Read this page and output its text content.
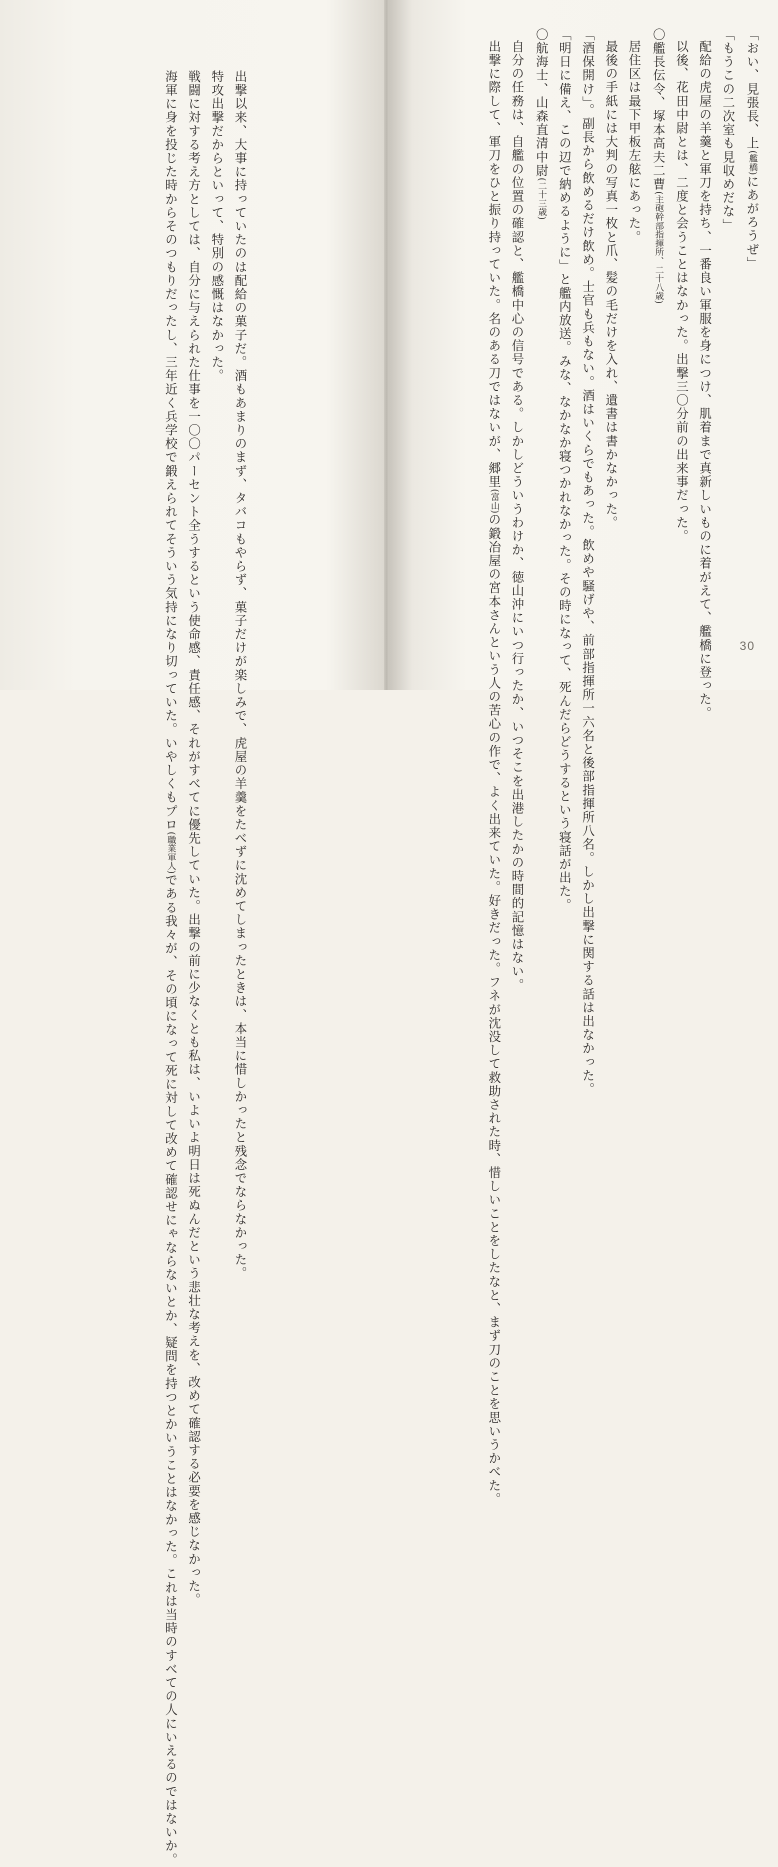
出撃以来、大事に持っていたのは配給の菓子だ。酒もあまりのまず、タバコもやらず、菓子だけが楽しみで、虎屋の羊羹をたべずに沈めてしまったときは、本当に惜しかったと残念でならなかった。

特攻出撃だからといって、特別の感慨はなかった。

戦闘に対する考え方としては、自分に与えられた仕事を一〇〇パーセント全うするという使命感、責任感、それがすべてに優先していた。出撃の前に少なくとも私は、いよいよ明日は死ぬんだという悲壮な考えを、改めて確認する必要を感じなかった。

海軍に身を投じた時からそのつもりだったし、三年近く兵学校で鍛えられてそういう気持になり切っていた。いやしくもプロ(職業軍人)である我々が、その頃になって死に対して改めて確認せにゃならないとか、疑問を持つとかいうことはなかった。これは当時のすべての人にいえるのではないか。

「おい、見張長、上(艦橋)にあがろうぜ」

「もうこの二次室も見収めだな」

配給の虎屋の羊羹と軍刀を持ち、一番良い軍服を身につけ、肌着まで真新しいものに着がえて、艦橋に登った。

以後、花田中尉とは、二度と会うことはなかった。出撃三〇分前の出来事だった。

〇艦長伝令、塚本高夫二曹(主砲幹部指揮所、二十八歳)

居住区は最下甲板左舷にあった。

最後の手紙には大判の写真一枚と爪、髪の毛だけを入れ、遺書は書かなかった。

「酒保開け」。副長から飲めるだけ飲め。士官も兵もない。酒はいくらでもあった。飲めや騒げや、前部指揮所一六名と後部指揮所八名。しかし出撃に関する話は出なかった。

「明日に備え、この辺で納めるように」と艦内放送。みな、なかなか寝つかれなかった。その時になって、死んだらどうするという寝話が出た。

〇航海士、山森直清中尉(二十三歳)

自分の任務は、自艦の位置の確認と、艦橋中心の信号である。しかしどういうわけか、徳山沖にいつ行ったか、いつそこを出港したかの時間的記憶はない。

出撃に際して、軍刀をひと振り持っていた。名のある刀ではないが、郷里(富山)の鍛冶屋の宮本さんという人の苦心の作で、よく出来ていた。好きだった。フネが沈没して救助された時、惜しいことをしたなと、まず刀のことを思いうかべた。	30
